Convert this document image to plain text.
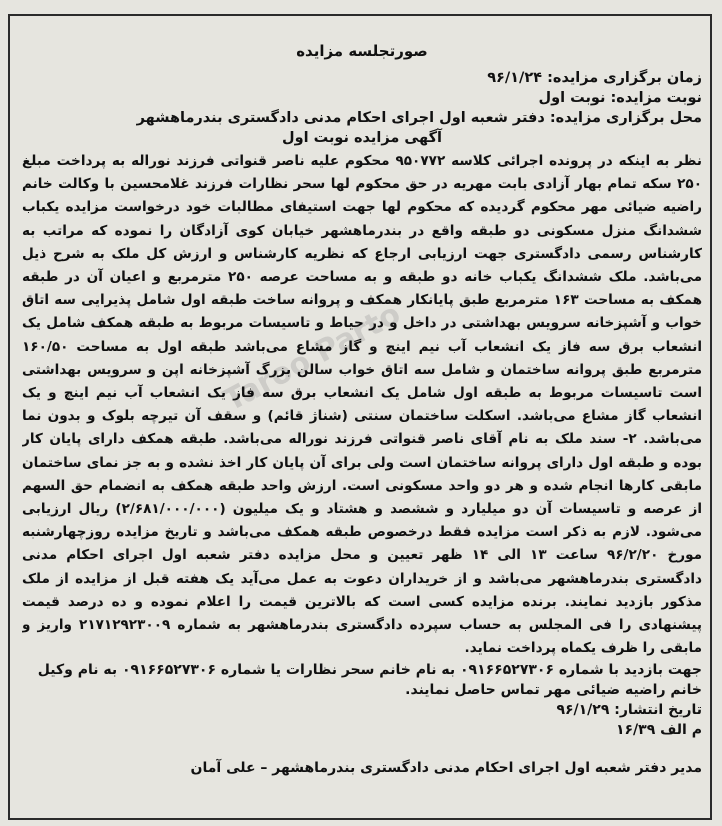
Taroo Parto

صورتجلسه مزایده

زمان برگزاری مزایده: ۹۶/۱/۲۴

نوبت مزایده: نوبت اول

محل برگزاری مزایده: دفتر شعبه اول اجرای احکام مدنی دادگستری بندرماهشهر

آگهی مزایده نوبت اول

نظر به اینکه در پرونده اجرائی کلاسه ۹۵۰۷۷۲ محکوم علیه ناصر قنواتی فرزند نوراله به پرداخت مبلغ ۲۵۰ سکه تمام بهار آزادی بابت مهریه در حق محکوم لها سحر نظارات فرزند غلامحسین با وکالت خانم راضیه ضیائی مهر محکوم گردیده که محکوم لها جهت استیفای مطالبات خود درخواست مزایده یکباب ششدانگ منزل مسکونی دو طبقه واقع در بندرماهشهر خیابان کوی آزادگان را نموده که مراتب به کارشناس رسمی دادگستری جهت ارزیابی ارجاع که نظریه کارشناس و ارزش کل ملک به شرح ذیل می‌باشد. ملک ششدانگ یکباب خانه دو طبقه و به مساحت عرصه ۲۵۰ مترمربع و اعیان آن در طبقه همکف به مساحت ۱۶۳ مترمربع طبق پایانکار همکف و پروانه ساخت طبقه اول شامل پذیرایی سه اتاق خواب و آشپزخانه سرویس بهداشتی در داخل و در حیاط و تاسیسات مربوط به طبقه همکف شامل یک انشعاب برق سه فاز یک انشعاب آب نیم اینچ و گاز مشاع می‌باشد طبقه اول به مساحت ۱۶۰/۵۰ مترمربع طبق پروانه ساختمان و شامل سه اتاق خواب سالن بزرگ آشپزخانه اپن و سرویس بهداشتی است تاسیسات مربوط به طبقه اول شامل یک انشعاب برق سه فاز یک انشعاب آب نیم اینچ و یک انشعاب گاز مشاع می‌باشد. اسکلت ساختمان سنتی (شناژ قائم) و سقف آن تیرچه بلوک و بدون نما می‌باشد. ۲- سند ملک به نام آقای ناصر قنواتی فرزند نوراله می‌باشد. طبقه همکف دارای پایان کار بوده و طبقه اول دارای پروانه ساختمان است ولی برای آن پایان کار اخذ نشده و به جز نمای ساختمان مابقی کارها انجام شده و هر دو واحد مسکونی است. ارزش واحد طبقه همکف به انضمام حق السهم از عرصه و تاسیسات آن دو میلیارد و ششصد و هشتاد و یک میلیون (۲/۶۸۱/۰۰۰/۰۰۰) ریال ارزیابی می‌شود. لازم به ذکر است مزایده فقط درخصوص طبقه همکف می‌باشد و تاریخ مزایده روزچهارشنبه مورخ ۹۶/۲/۲۰ ساعت ۱۳ الی ۱۴ ظهر تعیین و محل مزایده دفتر شعبه اول اجرای احکام مدنی دادگستری بندرماهشهر می‌باشد و از خریداران دعوت به عمل می‌آید یک هفته قبل از مزایده از ملک مذکور بازدید نمایند. برنده مزایده کسی است که بالاترین قیمت را اعلام نموده و ده درصد قیمت پیشنهادی را فی المجلس به حساب سپرده دادگستری بندرماهشهر به شماره ۲۱۷۱۲۹۲۳۰۰۹ واریز و مابقی را ظرف یکماه پرداخت نماید.

جهت بازدید با شماره ۰۹۱۶۶۵۲۷۳۰۶ به نام خانم سحر نظارات یا شماره ۰۹۱۶۶۵۲۷۳۰۶ به نام وکیل خانم راضیه ضیائی مهر تماس حاصل نمایند.

تاریخ انتشار: ۹۶/۱/۲۹

م الف ۱۶/۳۹

مدیر دفتر شعبه اول اجرای احکام مدنی دادگستری بندرماهشهر – علی آمان
